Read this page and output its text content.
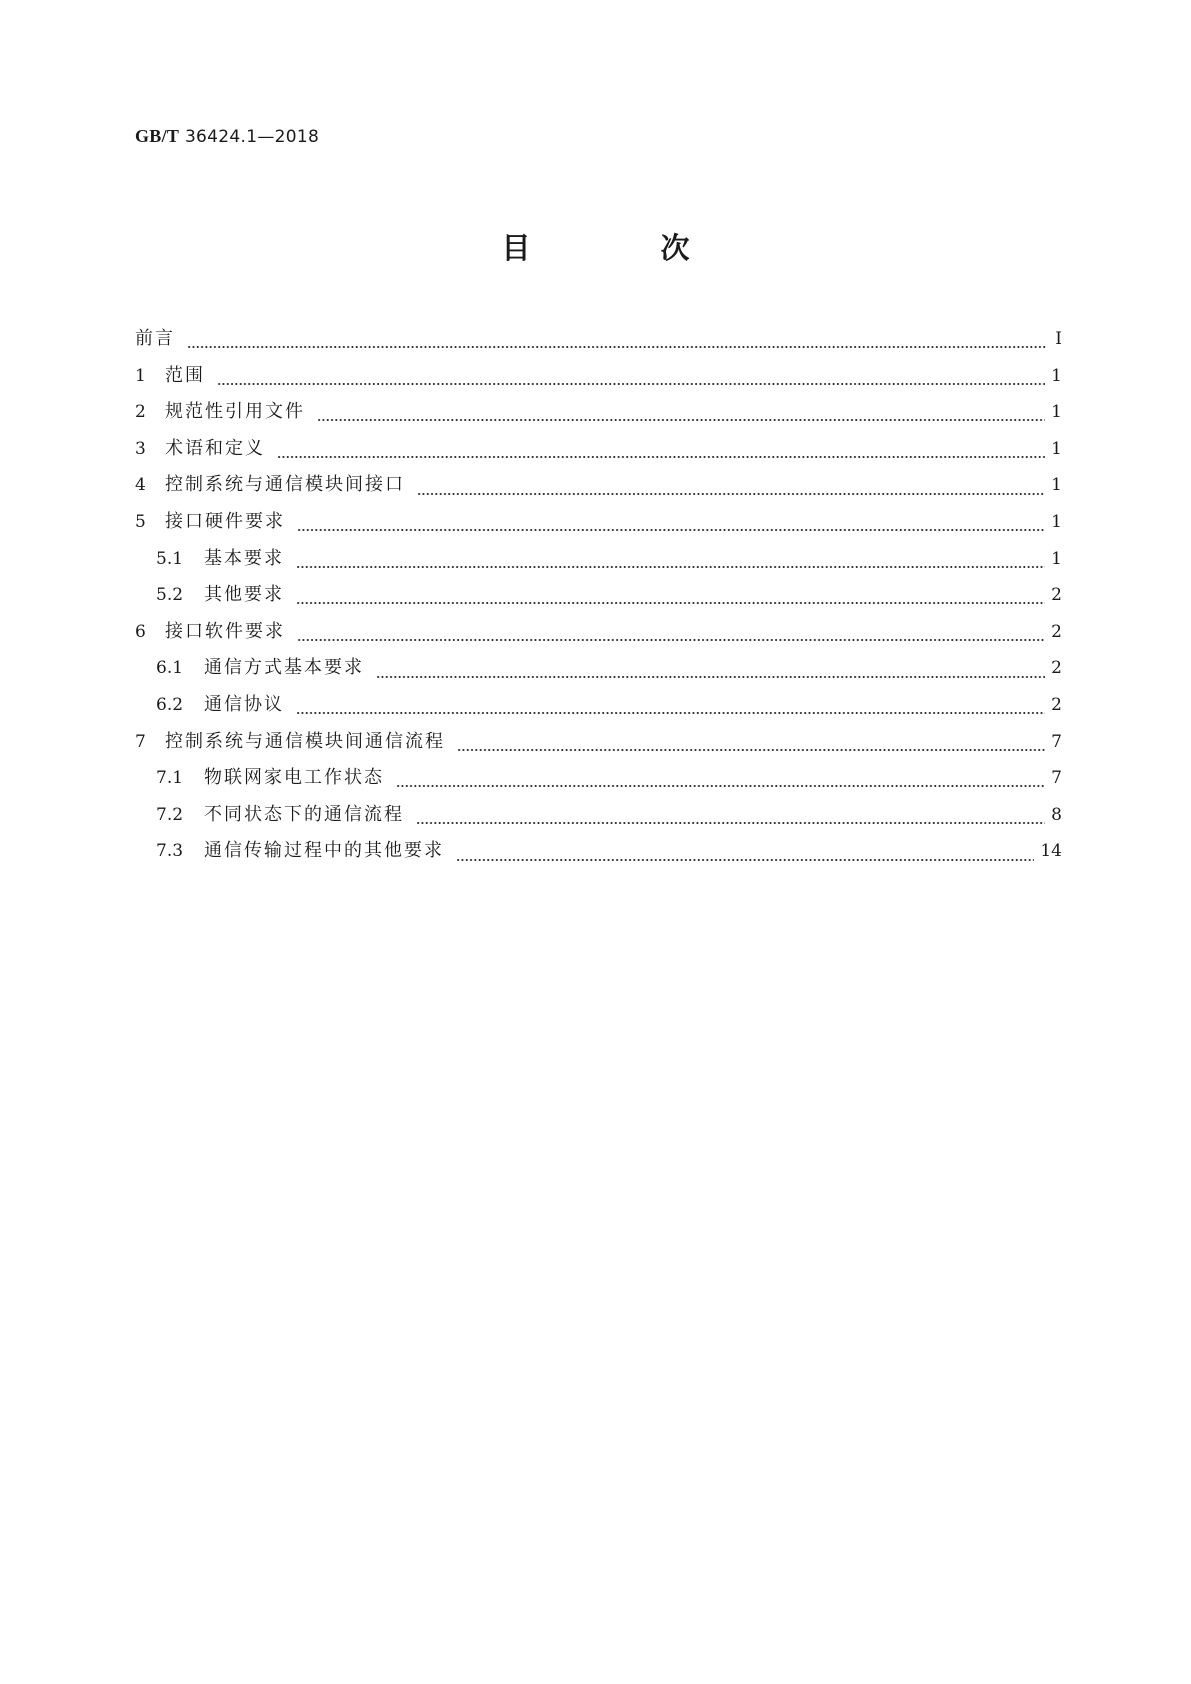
GB/T 36424.1—2018
目 次
前言	Ⅰ
1	范围	1
2	规范性引用文件	1
3	术语和定义	1
4	控制系统与通信模块间接口	1
5	接口硬件要求	1
5.1	基本要求	1
5.2	其他要求	2
6	接口软件要求	2
6.1	通信方式基本要求	2
6.2	通信协议	2
7	控制系统与通信模块间通信流程	7
7.1	物联网家电工作状态	7
7.2	不同状态下的通信流程	8
7.3	通信传输过程中的其他要求	14
